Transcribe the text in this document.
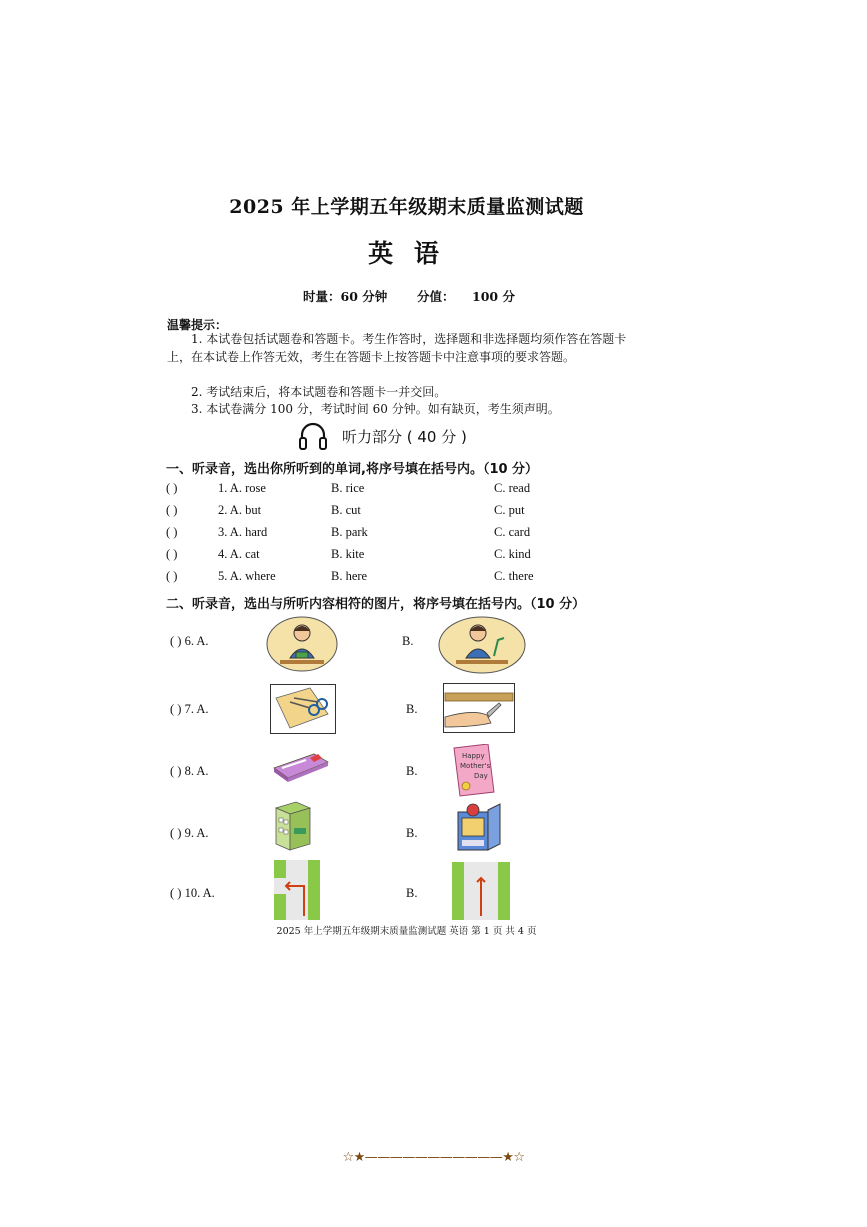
2025 年上学期五年级期末质量监测试题
英 语
时量：60 分钟 分值： 100 分
温馨提示：
1. 本试卷包括试题卷和答题卡。考生作答时，选择题和非选择题均须作答在答题卡上，在本试卷上作答无效，考生在答题卡上按答题卡中注意事项的要求答题。
2. 考试结束后，将本试题卷和答题卡一并交回。
3. 本试卷满分 100 分，考试时间 60 分钟。如有缺页，考生须声明。
听力部分 ( 40 分 )
一、听录音，选出你所听到的单词,将序号填在括号内。（10 分）
( )	1. A. rose	B. rice	C. read
( )	2. A. but	B. cut	C. put
( )	3. A. hard	B. park	C. card
( )	4. A. cat	B. kite	C. kind
( )	5. A. where	B. here	C. there
二、听录音，选出与所听内容相符的图片，将序号填在括号内。（10 分）
( ) 6. A.	B.
( ) 7. A.	B.
( ) 8. A.	B.
Happy
Mother's
Day
( ) 9. A.	B.
( ) 10. A.	B.
2025 年上学期五年级期末质量监测试题 英语 第 1 页 共 4 页
☆★———————————★☆
